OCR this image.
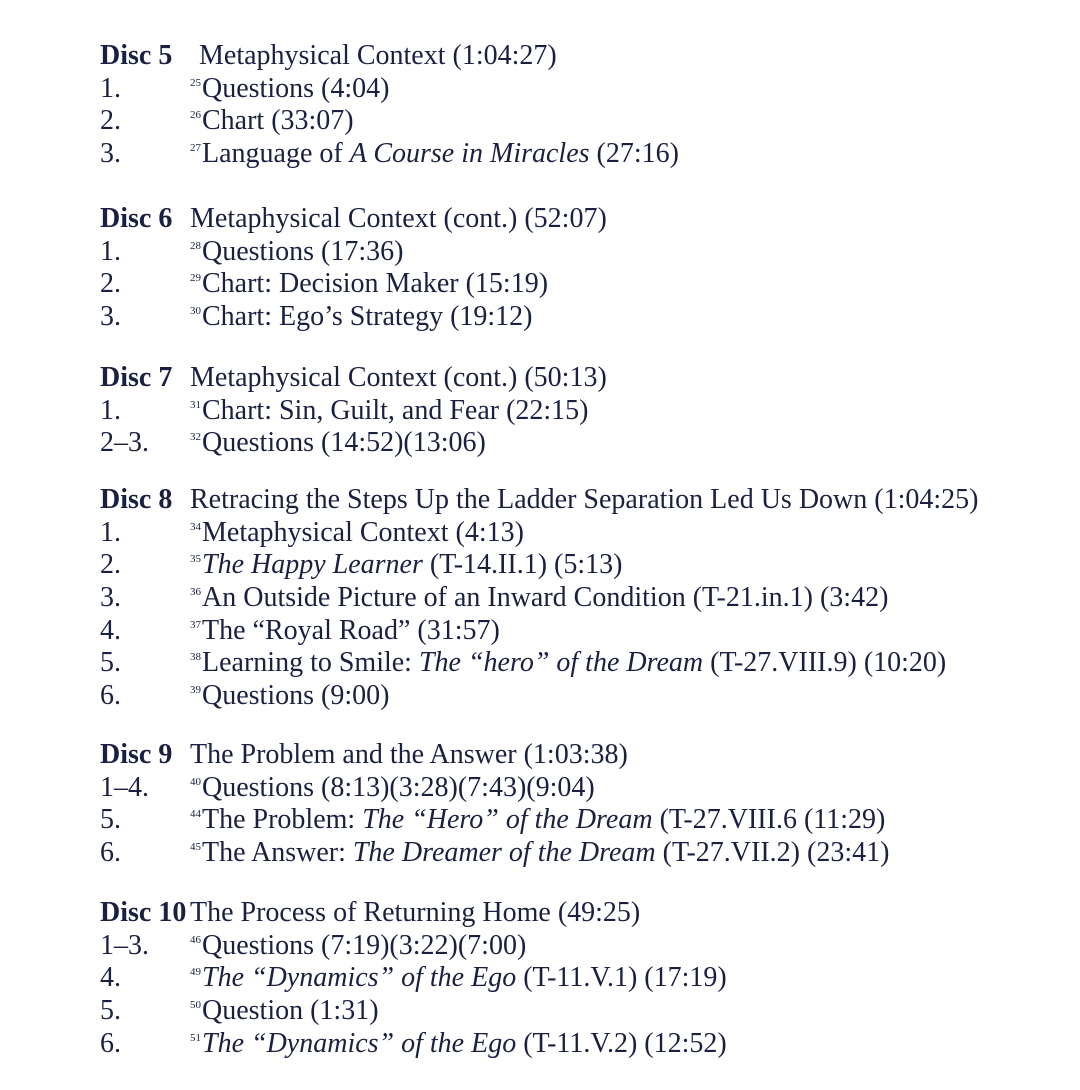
Disc 5 Metaphysical Context (1:04:27)
1.	$^{25}$Questions (4:04)
2.	$^{26}$Chart (33:07)
3.	$^{27}$Language of A Course in Miracles (27:16)
Disc 6 Metaphysical Context (cont.) (52:07)
1.	$^{28}$Questions (17:36)
2.	$^{29}$Chart: Decision Maker (15:19)
3.	$^{30}$Chart: Ego’s Strategy (19:12)
Disc 7 Metaphysical Context (cont.) (50:13)
1.	$^{31}$Chart: Sin, Guilt, and Fear (22:15)
2–3.	$^{32}$Questions (14:52)(13:06)
Disc 8 Retracing the Steps Up the Ladder Separation Led Us Down (1:04:25)
1.	$^{34}$Metaphysical Context (4:13)
2.	$^{35}$The Happy Learner (T-14.II.1) (5:13)
3.	$^{36}$An Outside Picture of an Inward Condition (T-21.in.1) (3:42)
4.	$^{37}$The “Royal Road” (31:57)
5.	$^{38}$Learning to Smile: The “hero” of the Dream (T-27.VIII.9) (10:20)
6.	$^{39}$Questions (9:00)
Disc 9 The Problem and the Answer (1:03:38)
1–4.	$^{40}$Questions (8:13)(3:28)(7:43)(9:04)
5.	$^{44}$The Problem: The “Hero” of the Dream (T-27.VIII.6 (11:29)
6.	$^{45}$The Answer: The Dreamer of the Dream (T-27.VII.2) (23:41)
Disc 10 The Process of Returning Home (49:25)
1–3.	$^{46}$Questions (7:19)(3:22)(7:00)
4.	$^{49}$The “Dynamics” of the Ego (T-11.V.1) (17:19)
5.	$^{50}$Question (1:31)
6.	$^{51}$The “Dynamics” of the Ego (T-11.V.2) (12:52)
